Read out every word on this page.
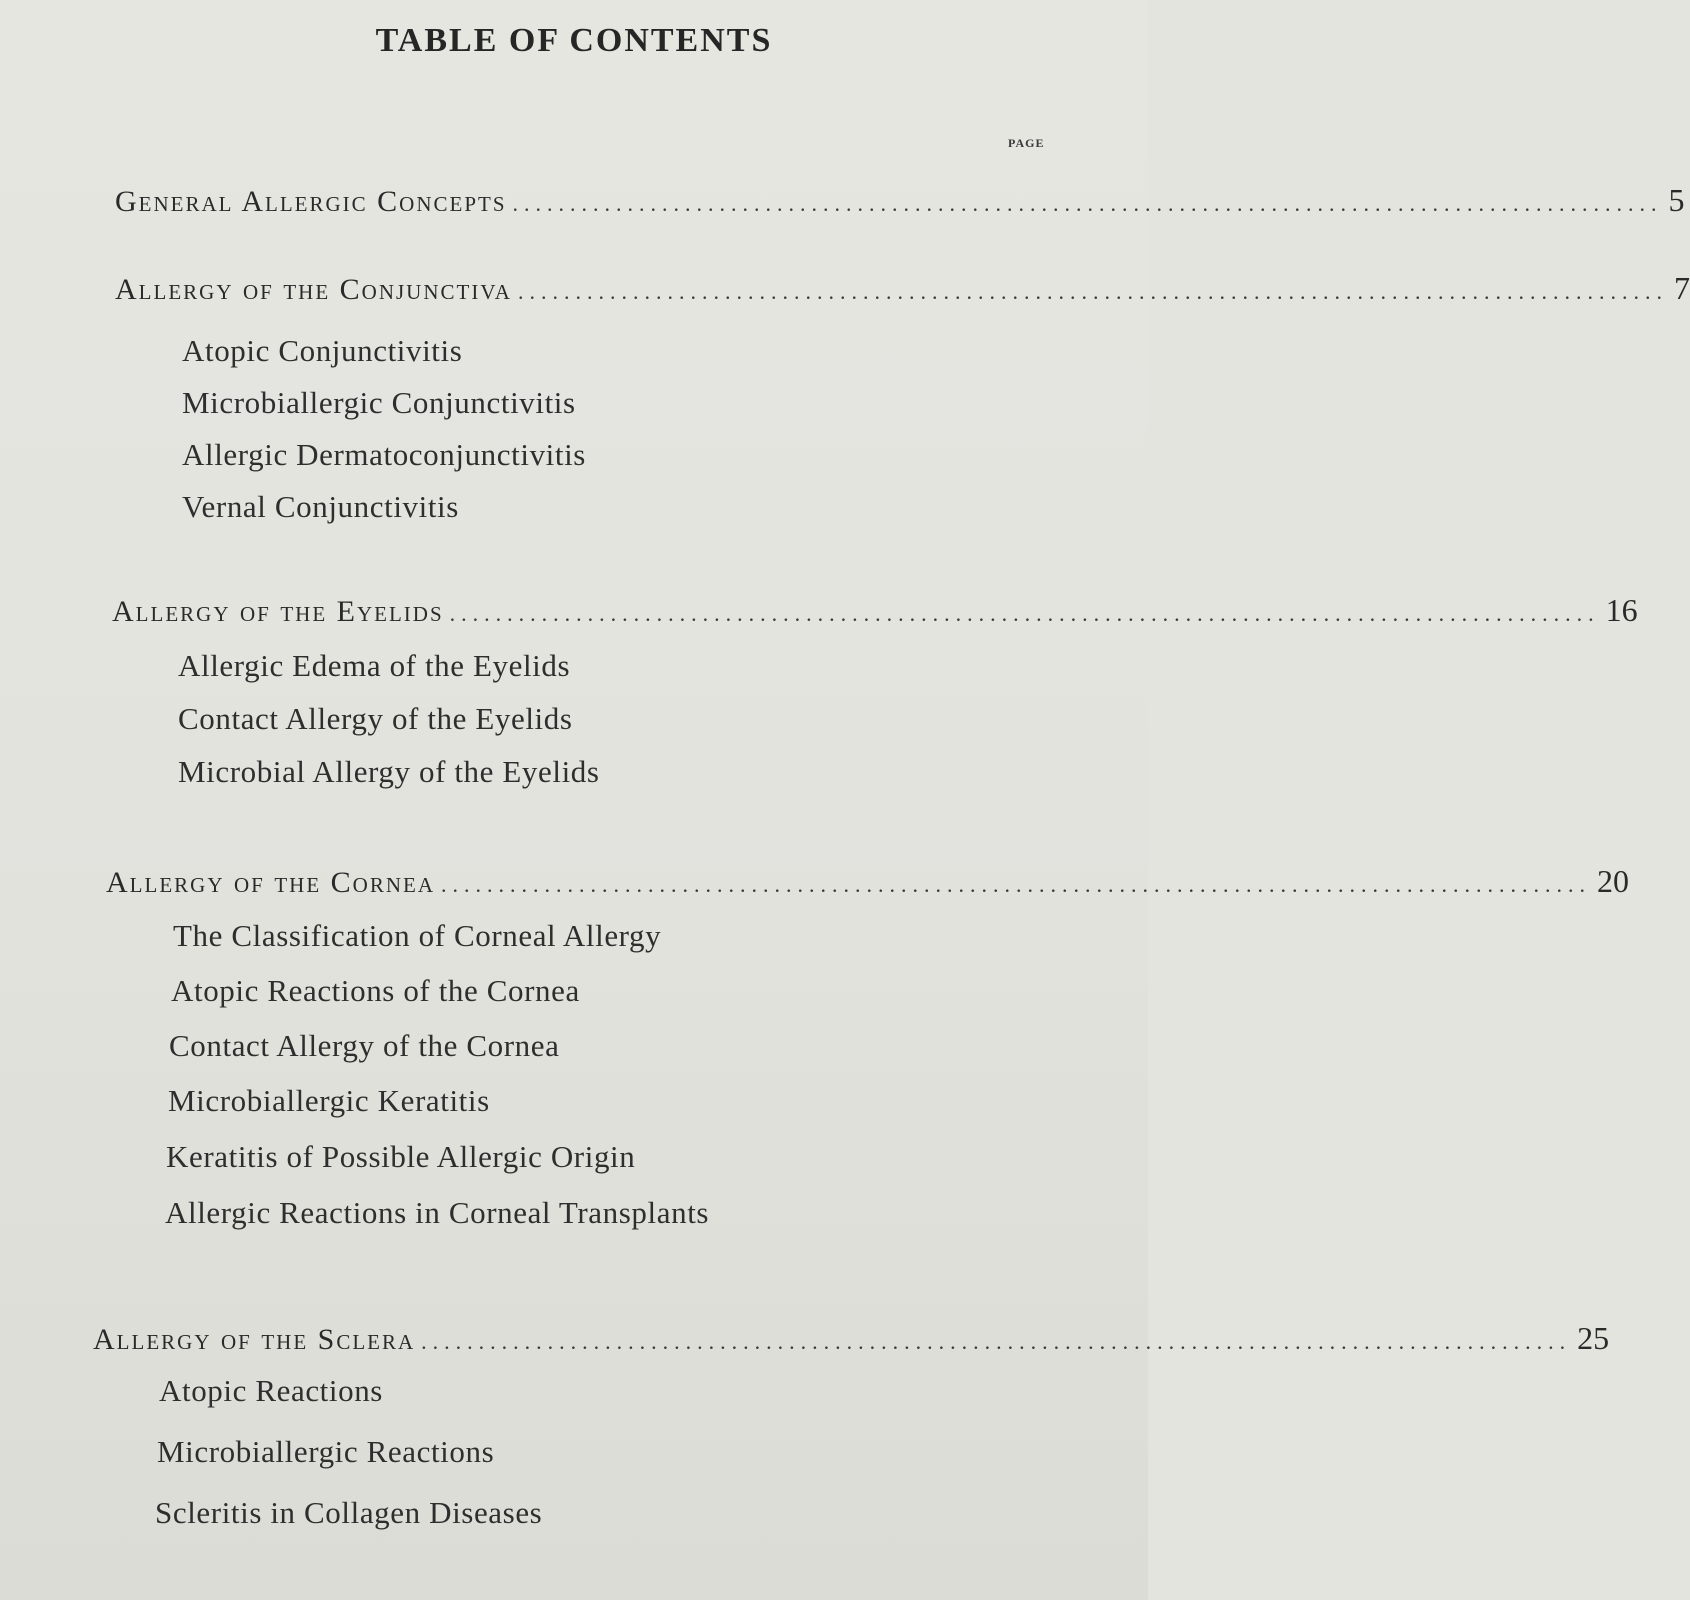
TABLE OF CONTENTS
PAGE
General Allergic Concepts .................................................................................................... 5
Allergy of the Conjunctiva .................................................................................................... 7
Atopic Conjunctivitis
Microbiallergic Conjunctivitis
Allergic Dermatoconjunctivitis
Vernal Conjunctivitis
Allergy of the Eyelids .................................................................................................... 16
Allergic Edema of the Eyelids
Contact Allergy of the Eyelids
Microbial Allergy of the Eyelids
Allergy of the Cornea .................................................................................................... 20
The Classification of Corneal Allergy
Atopic Reactions of the Cornea
Contact Allergy of the Cornea
Microbiallergic Keratitis
Keratitis of Possible Allergic Origin
Allergic Reactions in Corneal Transplants
Allergy of the Sclera .................................................................................................... 25
Atopic Reactions
Microbiallergic Reactions
Scleritis in Collagen Diseases
